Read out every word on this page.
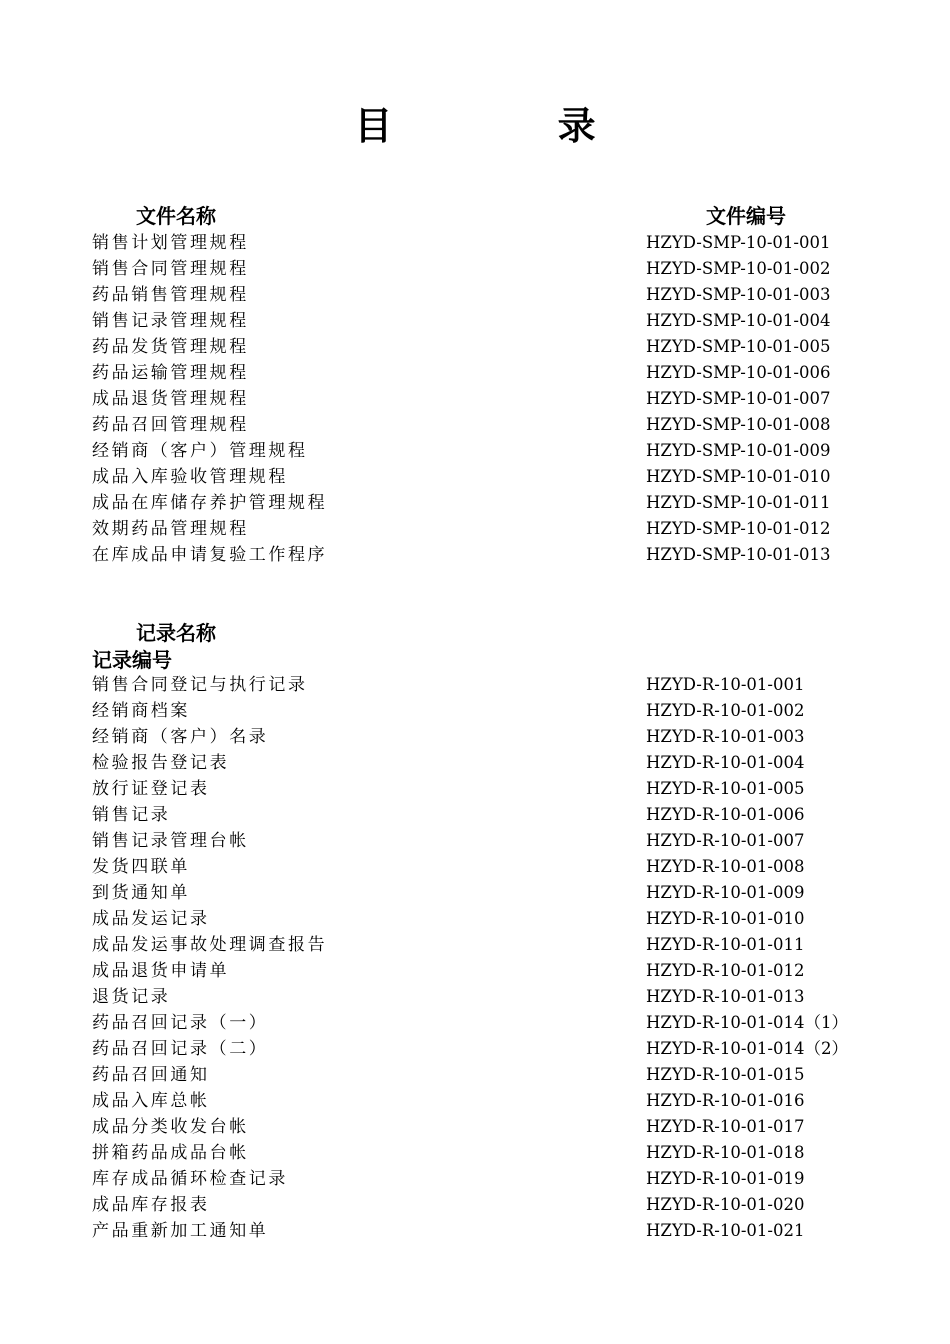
目 录
文件名称	文件编号
销售计划管理规程	HZYD-SMP-10-01-001
销售合同管理规程	HZYD-SMP-10-01-002
药品销售管理规程	HZYD-SMP-10-01-003
销售记录管理规程	HZYD-SMP-10-01-004
药品发货管理规程	HZYD-SMP-10-01-005
药品运输管理规程	HZYD-SMP-10-01-006
成品退货管理规程	HZYD-SMP-10-01-007
药品召回管理规程	HZYD-SMP-10-01-008
经销商（客户）管理规程	HZYD-SMP-10-01-009
成品入库验收管理规程	HZYD-SMP-10-01-010
成品在库储存养护管理规程	HZYD-SMP-10-01-011
效期药品管理规程	HZYD-SMP-10-01-012
在库成品申请复验工作程序	HZYD-SMP-10-01-013
记录名称
记录编号
销售合同登记与执行记录	HZYD-R-10-01-001
经销商档案	HZYD-R-10-01-002
经销商（客户）名录	HZYD-R-10-01-003
检验报告登记表	HZYD-R-10-01-004
放行证登记表	HZYD-R-10-01-005
销售记录	HZYD-R-10-01-006
销售记录管理台帐	HZYD-R-10-01-007
发货四联单	HZYD-R-10-01-008
到货通知单	HZYD-R-10-01-009
成品发运记录	HZYD-R-10-01-010
成品发运事故处理调查报告	HZYD-R-10-01-011
成品退货申请单	HZYD-R-10-01-012
退货记录	HZYD-R-10-01-013
药品召回记录（一）	HZYD-R-10-01-014（1）
药品召回记录（二）	HZYD-R-10-01-014（2）
药品召回通知	HZYD-R-10-01-015
成品入库总帐	HZYD-R-10-01-016
成品分类收发台帐	HZYD-R-10-01-017
拼箱药品成品台帐	HZYD-R-10-01-018
库存成品循环检查记录	HZYD-R-10-01-019
成品库存报表	HZYD-R-10-01-020
产品重新加工通知单	HZYD-R-10-01-021
